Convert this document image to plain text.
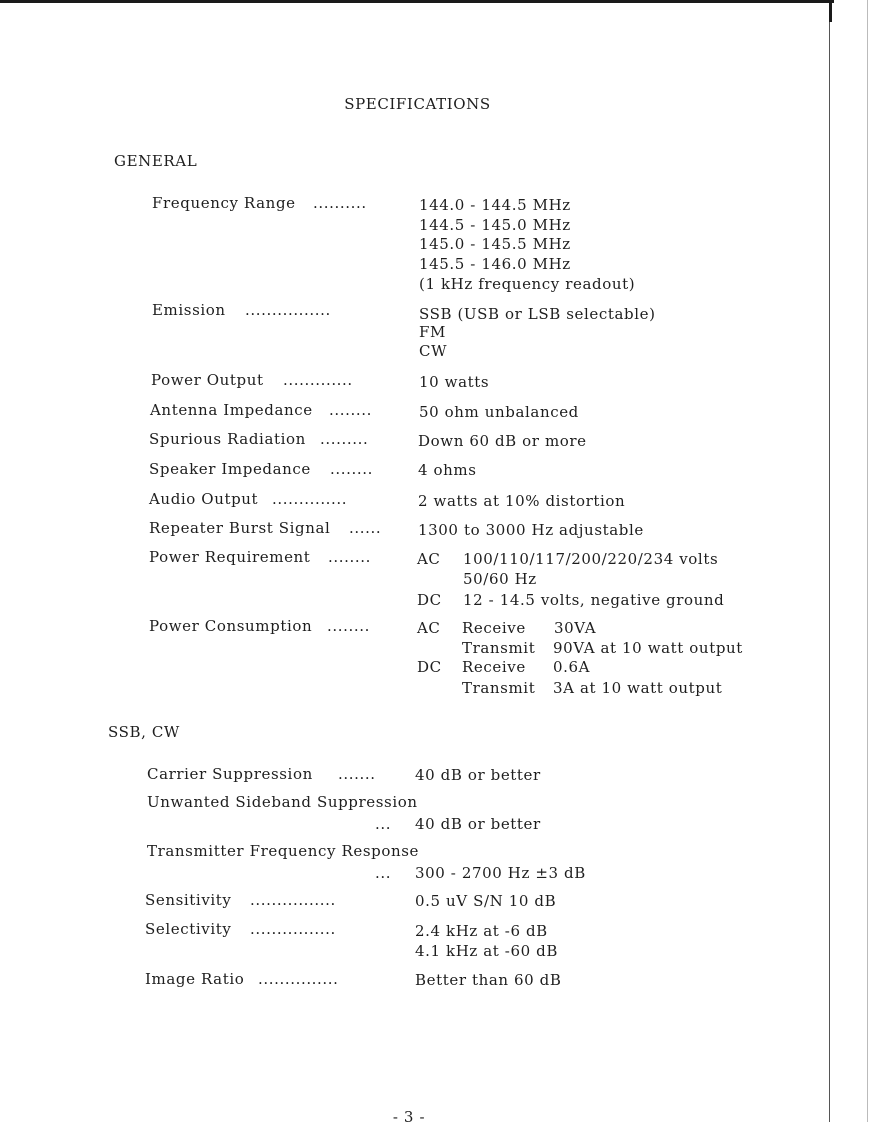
SPECIFICATIONS
GENERAL
Frequency Range ..........	144.0 - 144.5 MHz
144.5 - 145.0 MHz
145.0 - 145.5 MHz
145.5 - 146.0 MHz
(1 kHz frequency readout)
Emission ................	SSB (USB or LSB selectable)
FM
CW
Power Output .............	10 watts
Antenna Impedance ........	50 ohm unbalanced
Spurious Radiation .........	Down 60 dB or more
Speaker Impedance ........	4 ohms
Audio Output ..............	2 watts at 10% distortion
Repeater Burst Signal ...... 1300 to 3000 Hz adjustable
Power Requirement ........	AC 100/110/117/200/220/234 volts
50/60 Hz
DC 12 - 14.5 volts, negative ground
Power Consumption ........	AC Receive 30VA
Transmit 90VA at 10 watt output
DC Receive 0.6A
Transmit 3A at 10 watt output
SSB, CW
Carrier Suppression .......	40 dB or better
Unwanted Sideband Suppression
... 40 dB or better
Transmitter Frequency Response
... 300 - 2700 Hz ±3 dB
Sensitivity ................	0.5 uV S/N 10 dB
Selectivity ................	2.4 kHz at -6 dB
4.1 kHz at -60 dB
Image Ratio ...............	Better than 60 dB
- 3 -
